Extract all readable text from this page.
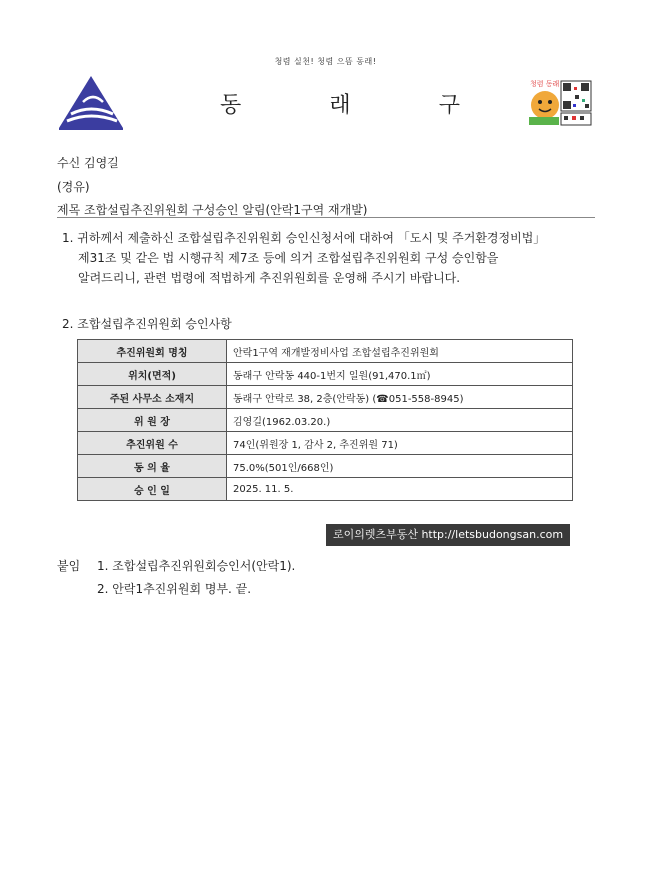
청렴 실천! 청렴 으뜸 동래!
동	래	구
청렴 동래
수신 김영길
(경유)
제목 조합설립추진위원회 구성승인 알림(안락1구역 재개발)
1. 귀하께서 제출하신 조합설립추진위원회 승인신청서에 대하여 「도시 및 주거환경정비법」
제31조 및 같은 법 시행규칙 제7조 등에 의거 조합설립추진위원회 구성 승인함을
알려드리니, 관련 법령에 적법하게 추진위원회를 운영해 주시기 바랍니다.
2. 조합설립추진위원회 승인사항
추진위원회 명칭	안락1구역 재개발정비사업 조합설립추진위원회
위치(면적)	동래구 안락동 440-1번지 일원(91,470.1㎡)
주된 사무소 소재지	동래구 안락로 38, 2층(안락동) (☎051-558-8945)
위 원 장	김영길(1962.03.20.)
추진위원 수	74인(위원장 1, 감사 2, 추진위원 71)
동 의 율	75.0%(501인/668인)
승 인 일	2025. 11. 5.
로이의렛츠부동산 http://letsbudongsan.com
붙임 1. 조합설립추진위원회승인서(안락1).
2. 안락1추진위원회 명부. 끝.
